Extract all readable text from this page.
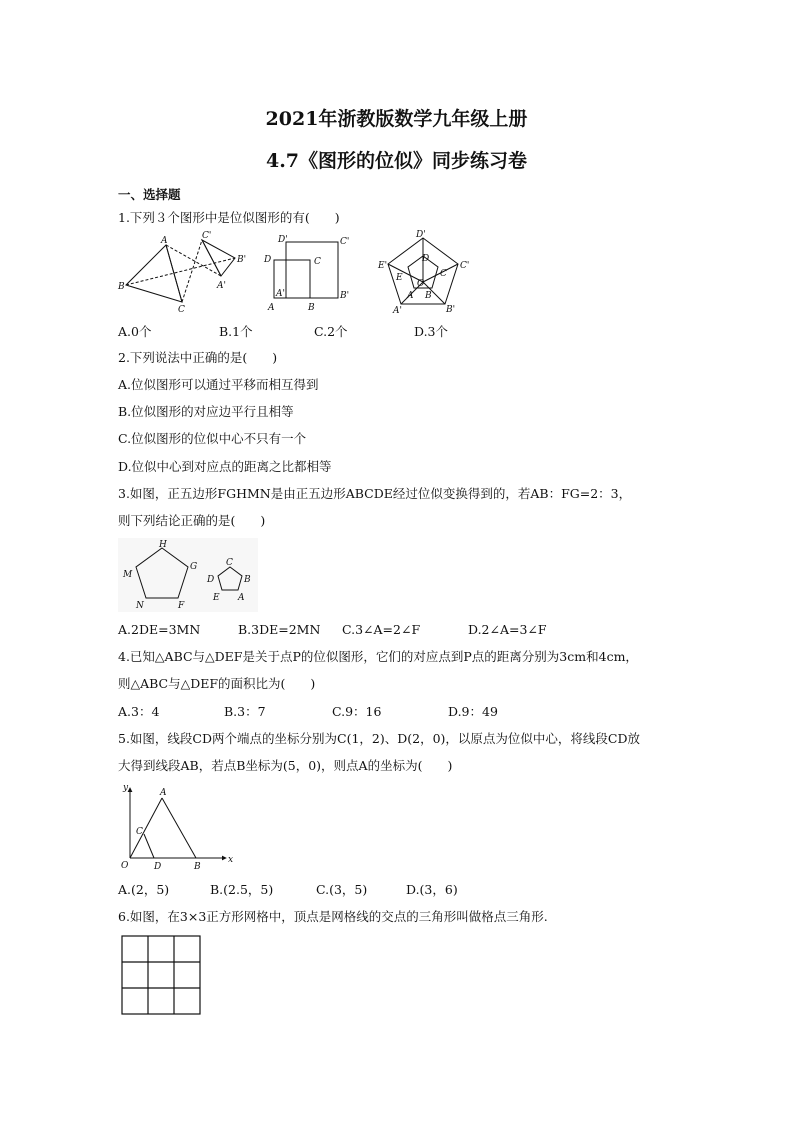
2021年浙教版数学九年级上册
4.7《图形的位似》同步练习卷
一、选择题
1.下列３个图形中是位似图形的有(　　)
A
B
C
C'
B'
A'
D'	C'
D	C
A'
B
B'
A
D'
D
E'
E	C
C'
O
A B
B'
A'
A.0个	B.1个	C.2个	D.3个
2.下列说法中正确的是(　　)
A.位似图形可以通过平移而相互得到
B.位似图形的对应边平行且相等
C.位似图形的位似中心不只有一个
D.位似中心到对应点的距离之比都相等
3.如图，正五边形FGHMN是由正五边形ABCDE经过位似变换得到的，若AB：FG=2：3，
则下列结论正确的是(　　)
H
G
M
N	F
C
D	B
E A
A.2DE=3MN	B.3DE=2MN C.3∠A=2∠F	D.2∠A=3∠F
4.已知△ABC与△DEF是关于点P的位似图形，它们的对应点到P点的距离分别为3cm和4cm，
则△ABC与△DEF的面积比为(　　)
A.3：4	B.3：7	C.9：16	D.9：49
5.如图，线段CD两个端点的坐标分别为C(1，2)、D(2，0)，以原点为位似中心，将线段CD放
大得到线段AB，若点B坐标为(5，0)，则点A的坐标为(　　)
y	A
C
O	D	B
x
A.(2，5)	B.(2.5，5)	C.(3，5)	D.(3，6)
6.如图，在3×3正方形网格中，顶点是网格线的交点的三角形叫做格点三角形.
